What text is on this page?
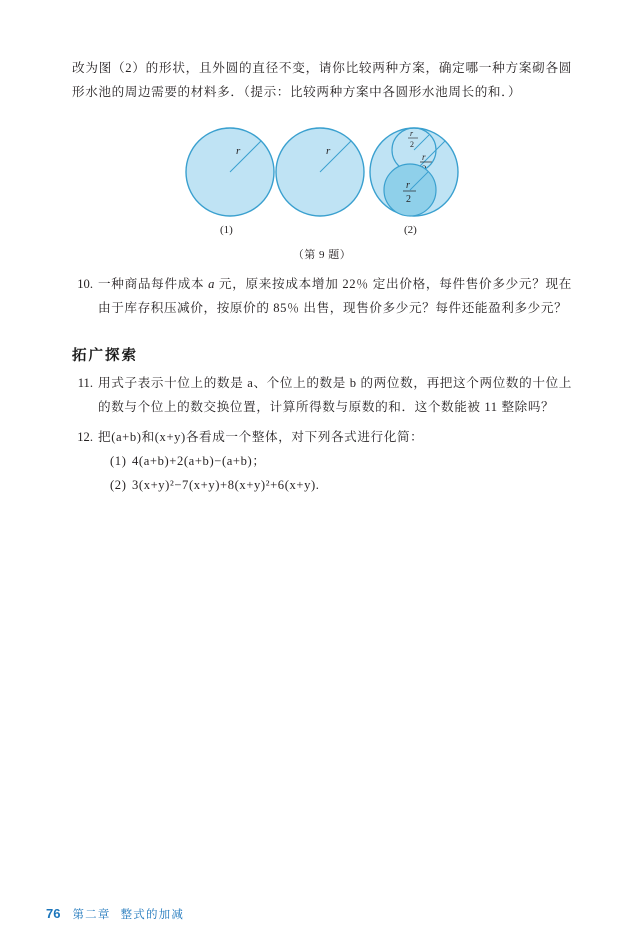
改为图（2）的形状，且外圆的直径不变，请你比较两种方案，确定哪一种方案砌各圆形水池的周边需要的材料多．（提示：比较两种方案中各圆形水池周长的和．）
r	r	r
r
2
r
2
(1)	(2)
（第 9 题）
10. 一种商品每件成本 a 元，原来按成本增加 22％ 定出价格，每件售价多少元？现在由于库存积压减价，按原价的 85％ 出售，现售价多少元？每件还能盈利多少元？
拓广探索
11. 用式子表示十位上的数是 a、个位上的数是 b 的两位数，再把这个两位数的十位上的数与个位上的数交换位置，计算所得数与原数的和．这个数能被 11 整除吗？
12. 把(a+b)和(x+y)各看成一个整体，对下列各式进行化简：
(1) 4(a+b)+2(a+b)−(a+b)；
(2) 3(x+y)²−7(x+y)+8(x+y)²+6(x+y).
76 第二章 整式的加减
